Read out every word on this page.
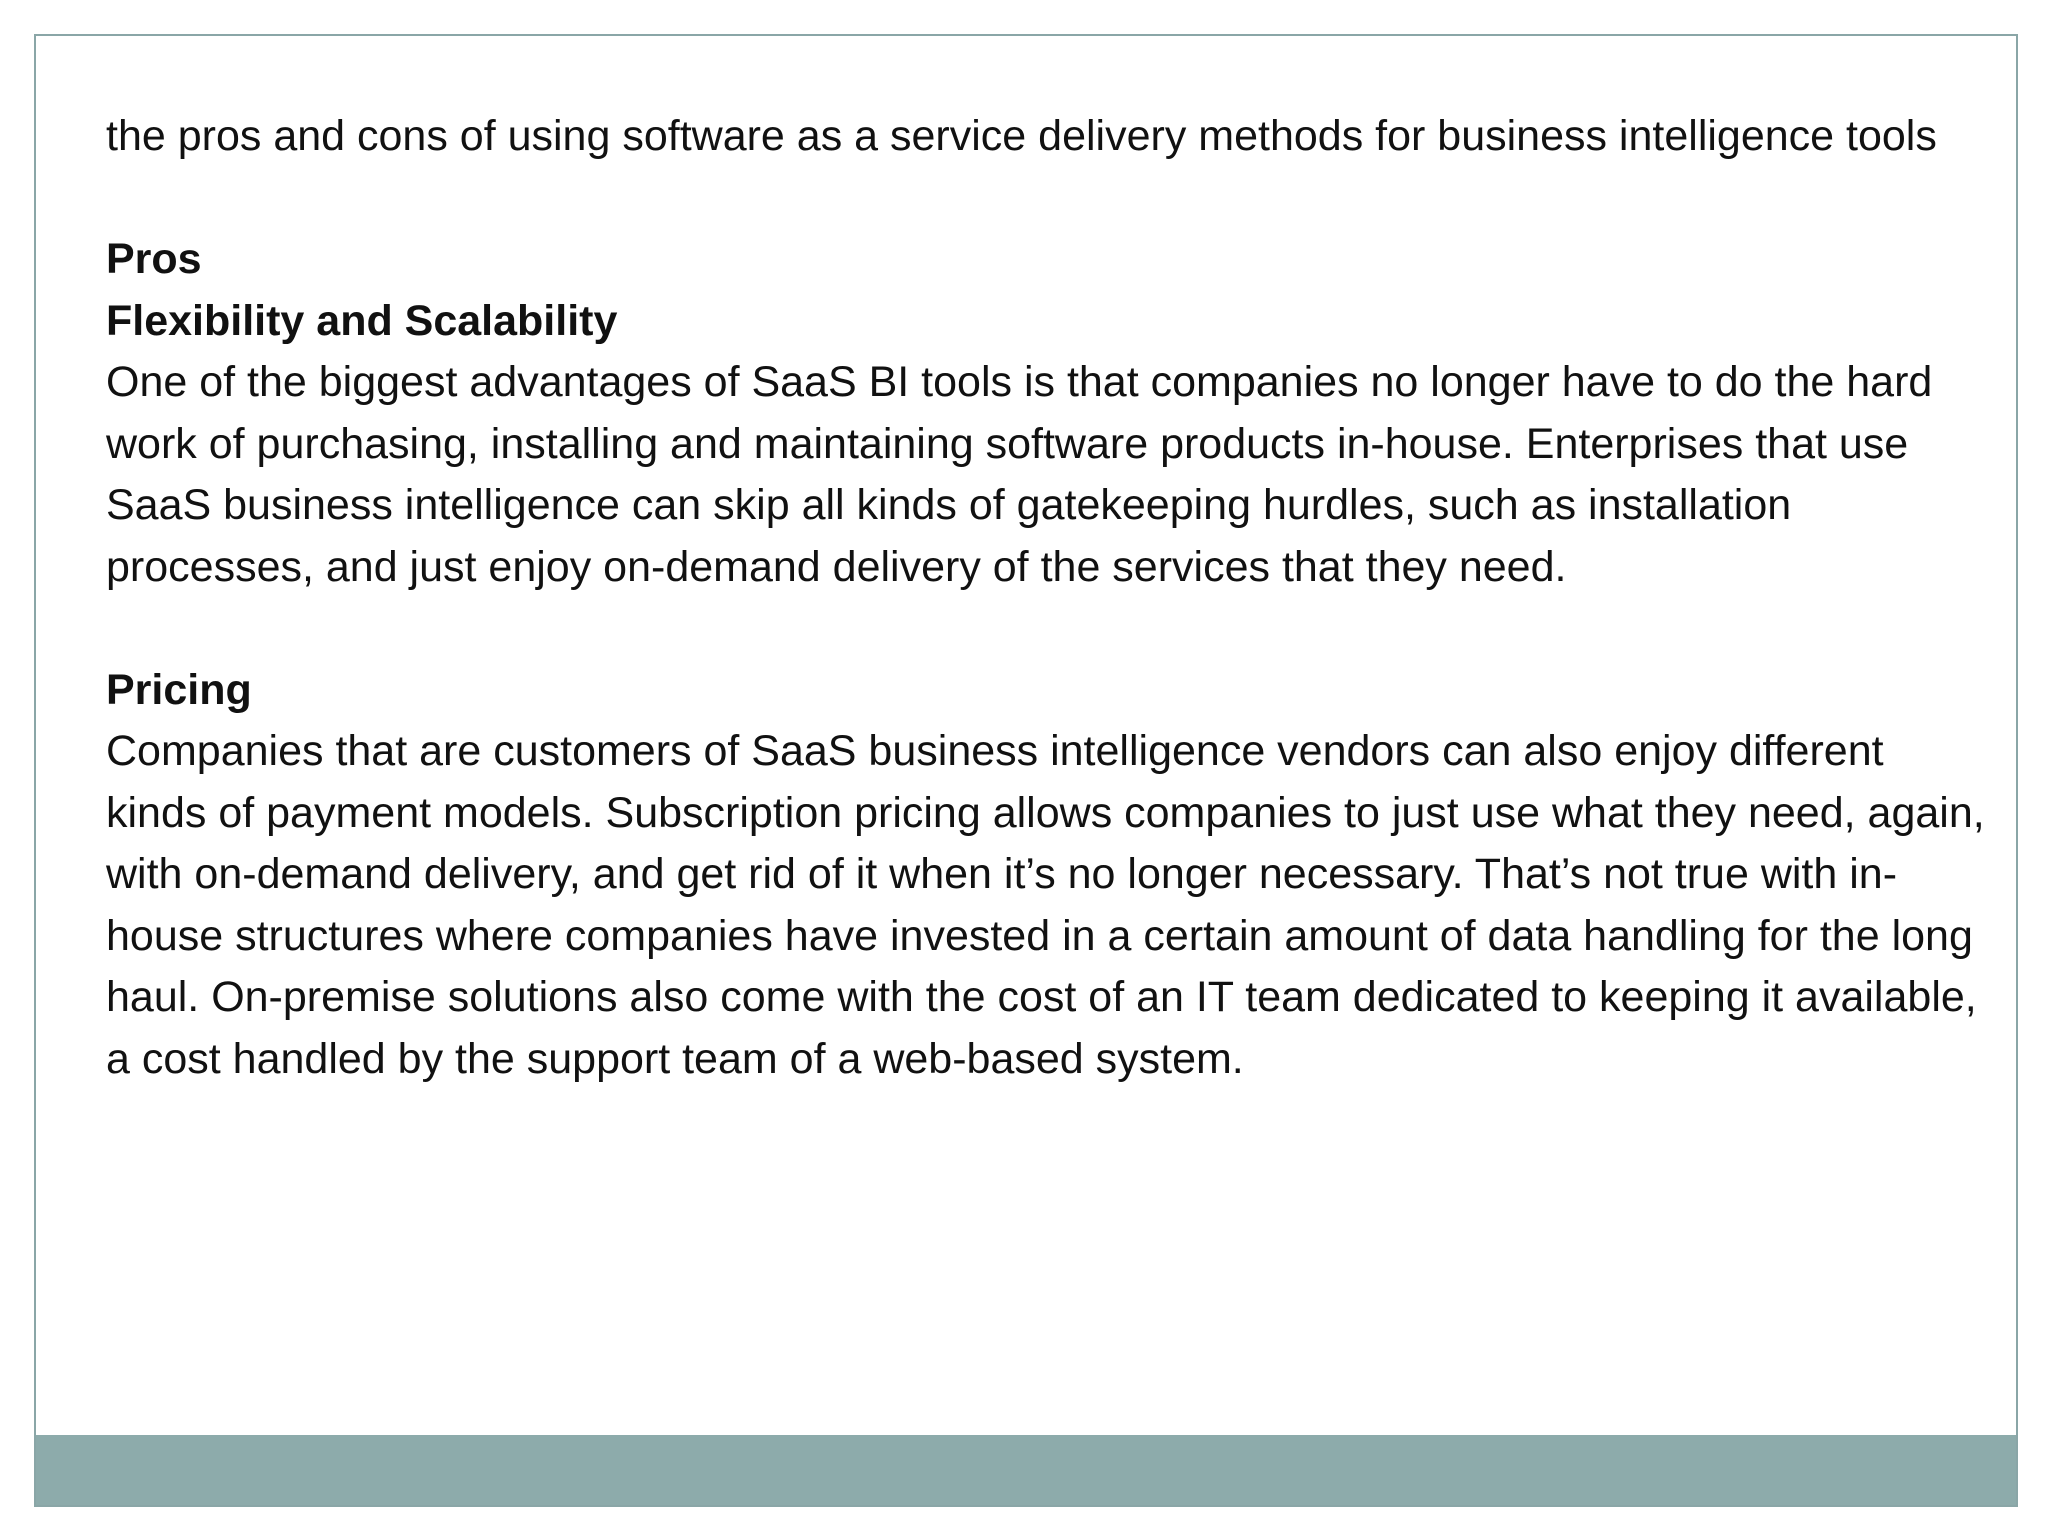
the pros and cons of using software as a service delivery methods for business intelligence tools

Pros

Flexibility and Scalability

One of the biggest advantages of SaaS BI tools is that companies no longer have to do the hard work of purchasing, installing and maintaining software products in-house. Enterprises that use SaaS business intelligence can skip all kinds of gatekeeping hurdles, such as installation processes, and just enjoy on-demand delivery of the services that they need.

Pricing

Companies that are customers of SaaS business intelligence vendors can also enjoy different kinds of payment models. Subscription pricing allows companies to just use what they need, again, with on-demand delivery, and get rid of it when it’s no longer necessary. That’s not true with in-house structures where companies have invested in a certain amount of data handling for the long haul. On-premise solutions also come with the cost of an IT team dedicated to keeping it available, a cost handled by the support team of a web-based system.
